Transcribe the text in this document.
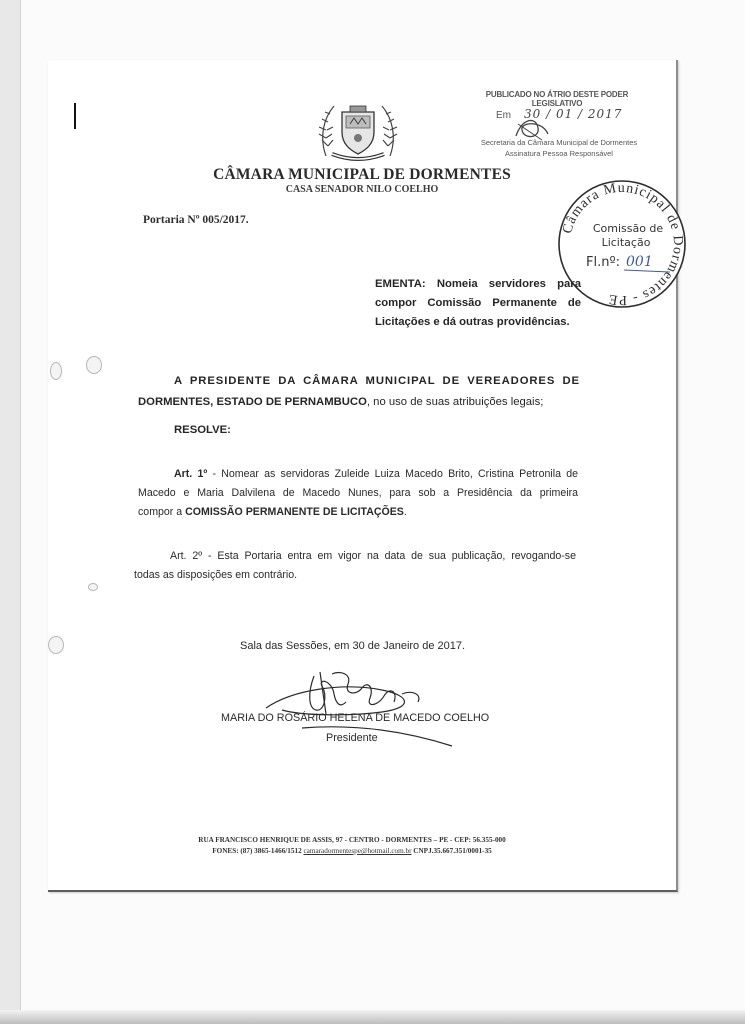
CÂMARA MUNICIPAL DE DORMENTES
CASA SENADOR NILO COELHO
PUBLICADO NO ÁTRIO DESTE PODER LEGISLATIVO
Em 30 / 01 / 2017
Secretaria da Câmara Municipal de Dormentes
Assinatura Pessoa Responsável
Portaria Nº 005/2017.
Câmara Municipal de Dormentes - PE
Comissão de
Licitação
Fl.nº: 001
EMENTA: Nomeia servidores para
compor Comissão Permanente de
Licitações e dá outras providências.
A PRESIDENTE DA CÂMARA MUNICIPAL DE VEREADORES DE
DORMENTES, ESTADO DE PERNAMBUCO, no uso de suas atribuições legais;
RESOLVE:
Art. 1º - Nomear as servidoras Zuleide Luiza Macedo Brito, Cristina Petronila de
Macedo e Maria Dalvilena de Macedo Nunes, para sob a Presidência da primeira
compor a COMISSÃO PERMANENTE DE LICITAÇÕES.
Art. 2º - Esta Portaria entra em vigor na data de sua publicação, revogando-se
todas as disposições em contrário.
Sala das Sessões, em 30 de Janeiro de 2017.
MARIA DO ROSÁRIO HELENA DE MACEDO COELHO
Presidente
RUA FRANCISCO HENRIQUE DE ASSIS, 97 - CENTRO - DORMENTES – PE - CEP: 56.355-000
FONES: (87) 3865-1466/1512 camaradormentespe@hotmail.com.br CNPJ.35.667.351/0001-35
